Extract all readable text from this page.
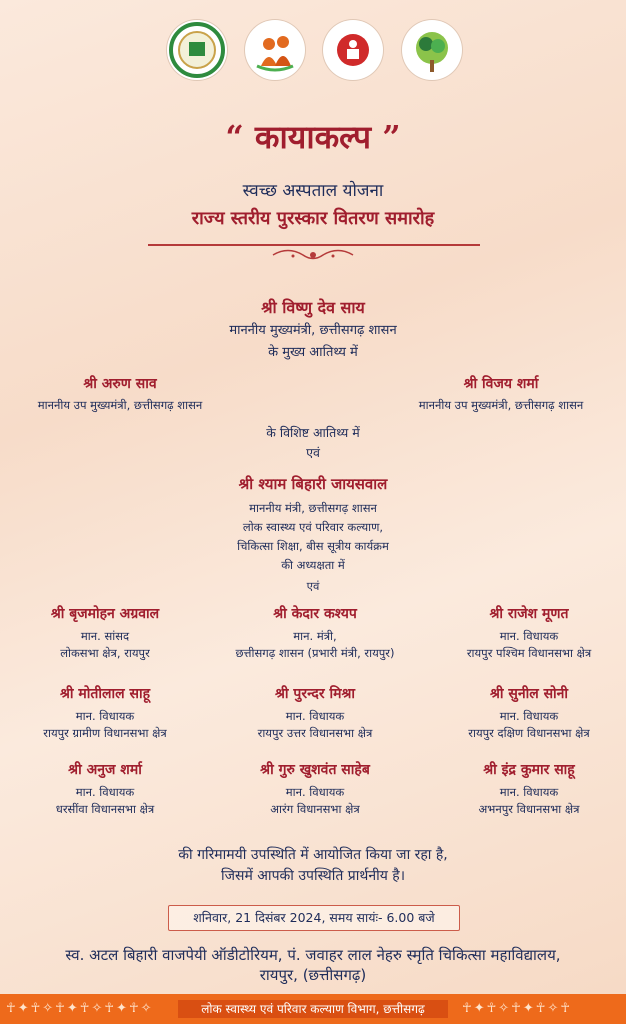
“ कायाकल्प ”
स्वच्छ अस्पताल योजना
राज्य स्तरीय पुरस्कार वितरण समारोह
श्री विष्णु देव साय
माननीय मुख्यमंत्री, छत्तीसगढ़ शासन
के मुख्य आतिथ्य में
श्री अरुण साव
माननीय उप मुख्यमंत्री, छत्तीसगढ़ शासन
श्री विजय शर्मा
माननीय उप मुख्यमंत्री, छत्तीसगढ़ शासन
के विशिष्ट आतिथ्य में
एवं
श्री श्याम बिहारी जायसवाल
माननीय मंत्री, छत्तीसगढ़ शासन
लोक स्वास्थ्य एवं परिवार कल्याण,
चिकित्सा शिक्षा, बीस सूत्रीय कार्यक्रम
की अध्यक्षता में
एवं
श्री बृजमोहन अग्रवाल
मान. सांसद
लोकसभा क्षेत्र, रायपुर
श्री केदार कश्यप
मान. मंत्री,
छत्तीसगढ़ शासन (प्रभारी मंत्री, रायपुर)
श्री राजेश मूणत
मान. विधायक
रायपुर पश्चिम विधानसभा क्षेत्र
श्री मोतीलाल साहू
मान. विधायक
रायपुर ग्रामीण विधानसभा क्षेत्र
श्री पुरन्दर मिश्रा
मान. विधायक
रायपुर उत्तर विधानसभा क्षेत्र
श्री सुनील सोनी
मान. विधायक
रायपुर दक्षिण विधानसभा क्षेत्र
श्री अनुज शर्मा
मान. विधायक
धरसींवा विधानसभा क्षेत्र
श्री गुरु खुशवंत साहेब
मान. विधायक
आरंग विधानसभा क्षेत्र
श्री इंद्र कुमार साहू
मान. विधायक
अभनपुर विधानसभा क्षेत्र
की गरिमामयी उपस्थिति में आयोजित किया जा रहा है,
जिसमें आपकी उपस्थिति प्रार्थनीय है।
शनिवार, 21 दिसंबर 2024, समय सायंः- 6.00 बजे
स्व. अटल बिहारी वाजपेयी ऑडीटोरियम, पं. जवाहर लाल नेहरु स्मृति चिकित्सा महाविद्यालय,
रायपुर, (छत्तीसगढ़)
☥✦☥✧☥✦☥✧☥✦☥✧	☥✦☥✧☥✦☥✧☥
लोक स्वास्थ्य एवं परिवार कल्याण विभाग, छत्तीसगढ़
